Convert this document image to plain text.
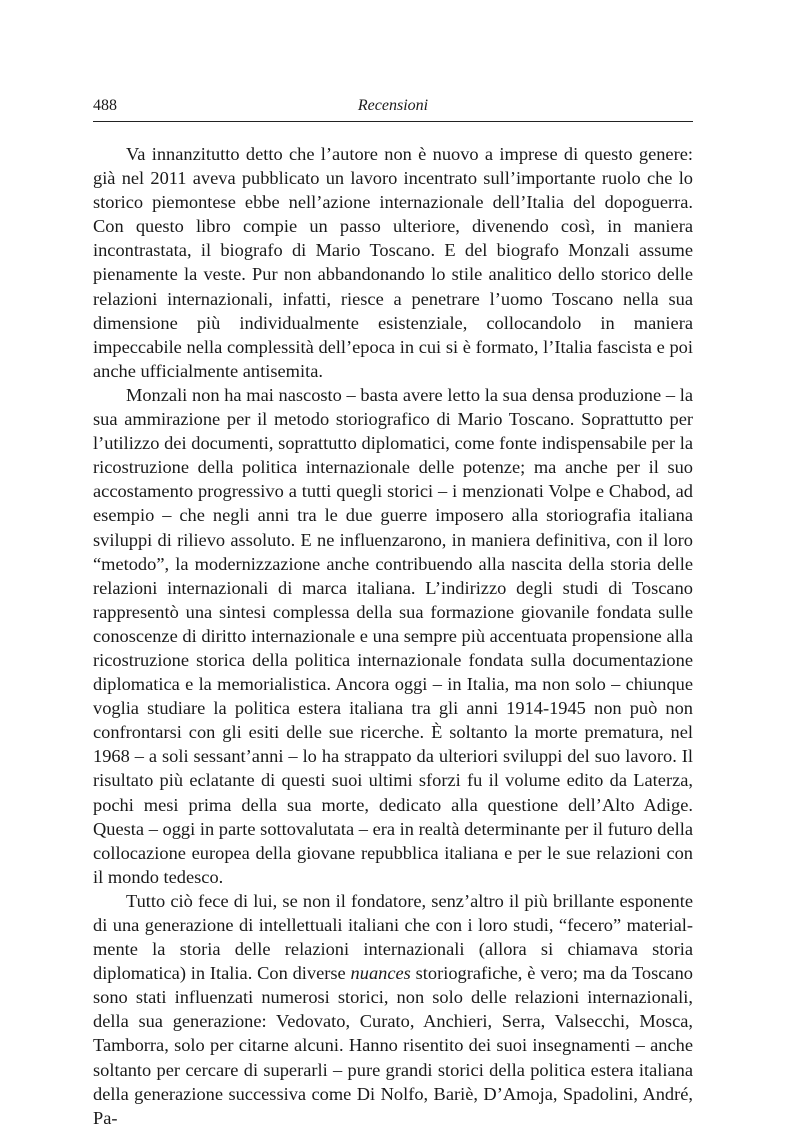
488	Recensioni

Va innanzitutto detto che l’autore non è nuovo a imprese di questo genere: già nel 2011 aveva pubblicato un lavoro incentrato sull’importante ruolo che lo storico piemontese ebbe nell’azione internazionale dell’Italia del dopoguerra. Con questo libro compie un passo ulteriore, divenendo così, in maniera incontrastata, il biografo di Mario Toscano. E del biografo Monzali assume pienamente la veste. Pur non abbandonando lo stile analitico dello storico delle relazioni internazionali, infatti, riesce a penetrare l’uomo Toscano nella sua dimensione più individualmente esistenziale, collocandolo in maniera impeccabile nella complessità dell’epoca in cui si è formato, l’Italia fascista e poi anche ufficialmente antisemita.

Monzali non ha mai nascosto – basta avere letto la sua densa produzione – la sua ammirazione per il metodo storiografico di Mario Toscano. Soprattutto per l’utilizzo dei documenti, soprattutto diplomatici, come fonte indispensabile per la ricostruzione della politica internazionale delle potenze; ma anche per il suo accostamento progressivo a tutti quegli storici – i menzionati Volpe e Chabod, ad esempio – che negli anni tra le due guerre imposero alla storiografia italiana sviluppi di rilievo assoluto. E ne influenzarono, in maniera definitiva, con il loro “metodo”, la modernizzazione anche contribuendo alla nascita della storia delle relazioni internazionali di marca italiana. L’indirizzo degli studi di Toscano rappresentò una sintesi complessa della sua formazione giovanile fondata sulle conoscenze di diritto internazionale e una sempre più accentuata propensione alla ricostruzione storica della politica internazionale fondata sulla documentazione diplomatica e la memorialistica. Ancora oggi – in Italia, ma non solo – chiunque voglia studiare la politica estera italiana tra gli anni 1914-1945 non può non confrontarsi con gli esiti delle sue ricerche. È soltanto la morte prematura, nel 1968 – a soli sessant’anni – lo ha strappato da ulteriori sviluppi del suo lavoro. Il risultato più eclatante di questi suoi ultimi sforzi fu il volume edito da Laterza, pochi mesi prima della sua morte, dedicato alla questione dell’Alto Adige. Questa – oggi in parte sottovalutata – era in realtà determinante per il futuro della collocazione europea della giovane repubblica italiana e per le sue relazioni con il mondo tedesco.

Tutto ciò fece di lui, se non il fondatore, senz’altro il più brillante esponente di una generazione di intellettuali italiani che con i loro studi, “fecero” materialmente la storia delle relazioni internazionali (allora si chiamava storia diplomatica) in Italia. Con diverse nuances storiografiche, è vero; ma da Toscano sono stati influenzati numerosi storici, non solo delle relazioni internazionali, della sua generazione: Vedovato, Curato, Anchieri, Serra, Valsecchi, Mosca, Tamborra, solo per citarne alcuni. Hanno risentito dei suoi insegnamenti – anche soltanto per cercare di superarli – pure grandi storici della politica estera italiana della generazione successiva come Di Nolfo, Bariè, D’Amoja, Spadolini, André, Pa-
